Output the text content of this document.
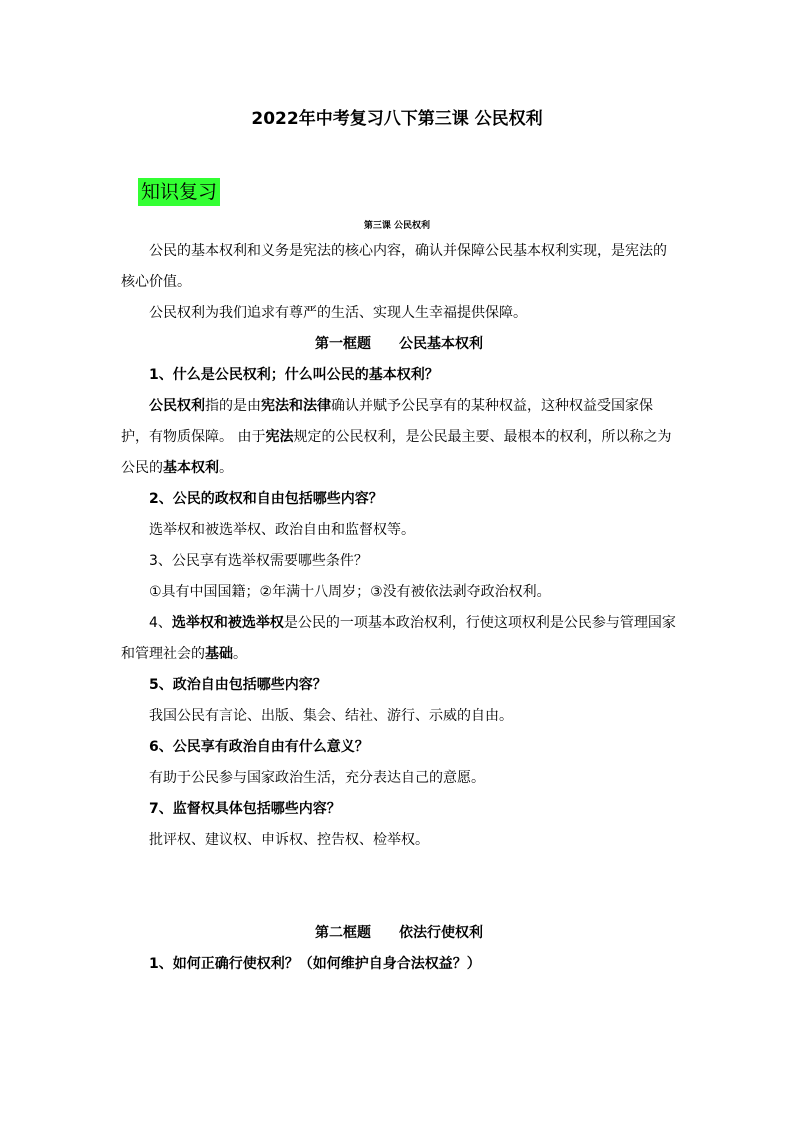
2022年中考复习八下第三课 公民权利
知识复习
第三课 公民权利

公民的基本权利和义务是宪法的核心内容，确认并保障公民基本权利实现，是宪法的核心价值。

公民权利为我们追求有尊严的生活、实现人生幸福提供保障。

第一框题 公民基本权利

1、什么是公民权利；什么叫公民的基本权利？

公民权利指的是由宪法和法律确认并赋予公民享有的某种权益，这种权益受国家保护，有物质保障。 由于宪法规定的公民权利，是公民最主要、最根本的权利，所以称之为公民的基本权利。

2、公民的政权和自由包括哪些内容？

选举权和被选举权、政治自由和监督权等。

3、公民享有选举权需要哪些条件？

①具有中国国籍；②年满十八周岁；③没有被依法剥夺政治权利。

4、选举权和被选举权是公民的一项基本政治权利，行使这项权利是公民参与管理国家和管理社会的基础。

5、政治自由包括哪些内容？

我国公民有言论、出版、集会、结社、游行、示威的自由。

6、公民享有政治自由有什么意义？

有助于公民参与国家政治生活，充分表达自己的意愿。

7、监督权具体包括哪些内容？

批评权、建议权、申诉权、控告权、检举权。

第二框题 依法行使权利

1、如何正确行使权利？（如何维护自身合法权益？）
